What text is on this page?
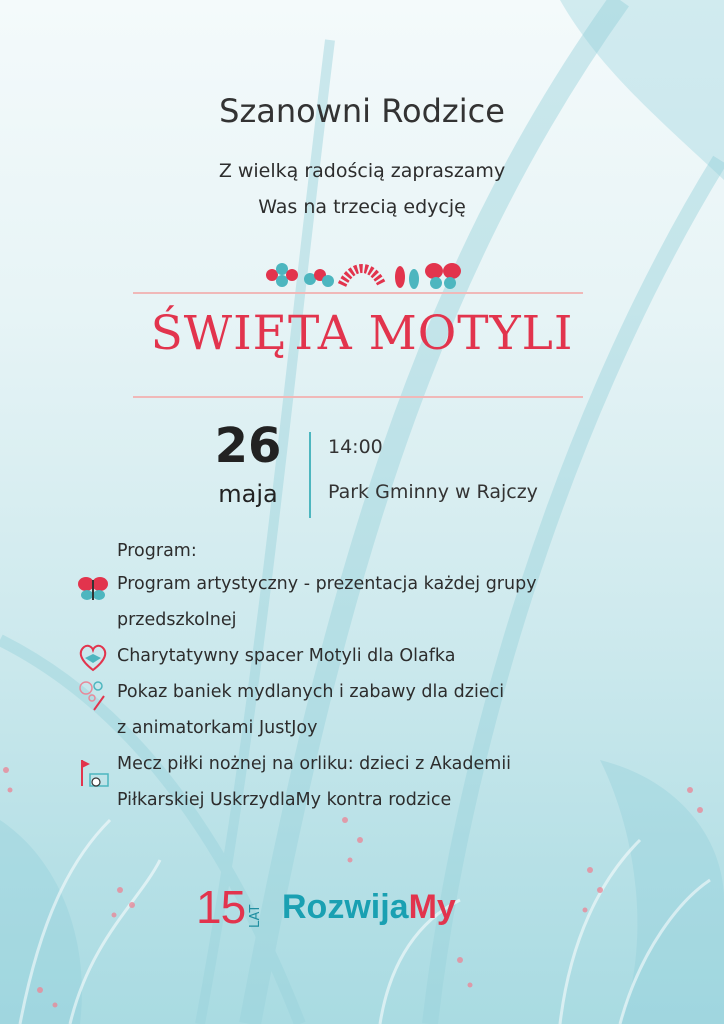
Szanowni Rodzice
Z wielką radością zapraszamy
Was na trzecią edycję
ŚWIĘTA MOTYLI
26
maja
14:00
Park Gminny w Rajczy
Program:
Program artystyczny - prezentacja każdej grupy
przedszkolnej
Charytatywny spacer Motyli dla Olafka
Pokaz baniek mydlanych i zabawy dla dzieci
z animatorkami JustJoy
Mecz piłki nożnej na orliku: dzieci z Akademii
Piłkarskiej UskrzydlaMy kontra rodzice
15 LAT RozwijaMy
